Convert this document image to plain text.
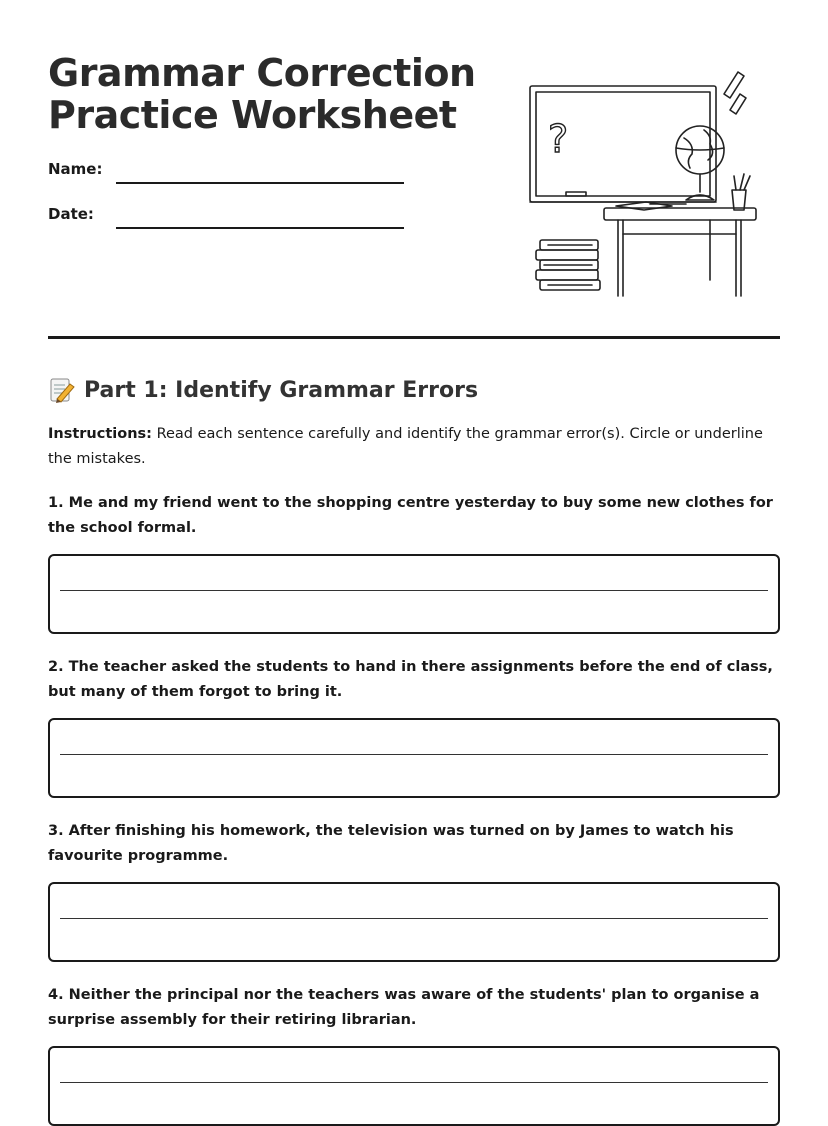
Grammar Correction Practice Worksheet
Name:
Date:
?
Part 1: Identify Grammar Errors

Instructions: Read each sentence carefully and identify the grammar error(s). Circle or underline the mistakes.

1. Me and my friend went to the shopping centre yesterday to buy some new clothes for the school formal.

2. The teacher asked the students to hand in there assignments before the end of class, but many of them forgot to bring it.

3. After finishing his homework, the television was turned on by James to watch his favourite programme.

4. Neither the principal nor the teachers was aware of the students' plan to organise a surprise assembly for their retiring librarian.
